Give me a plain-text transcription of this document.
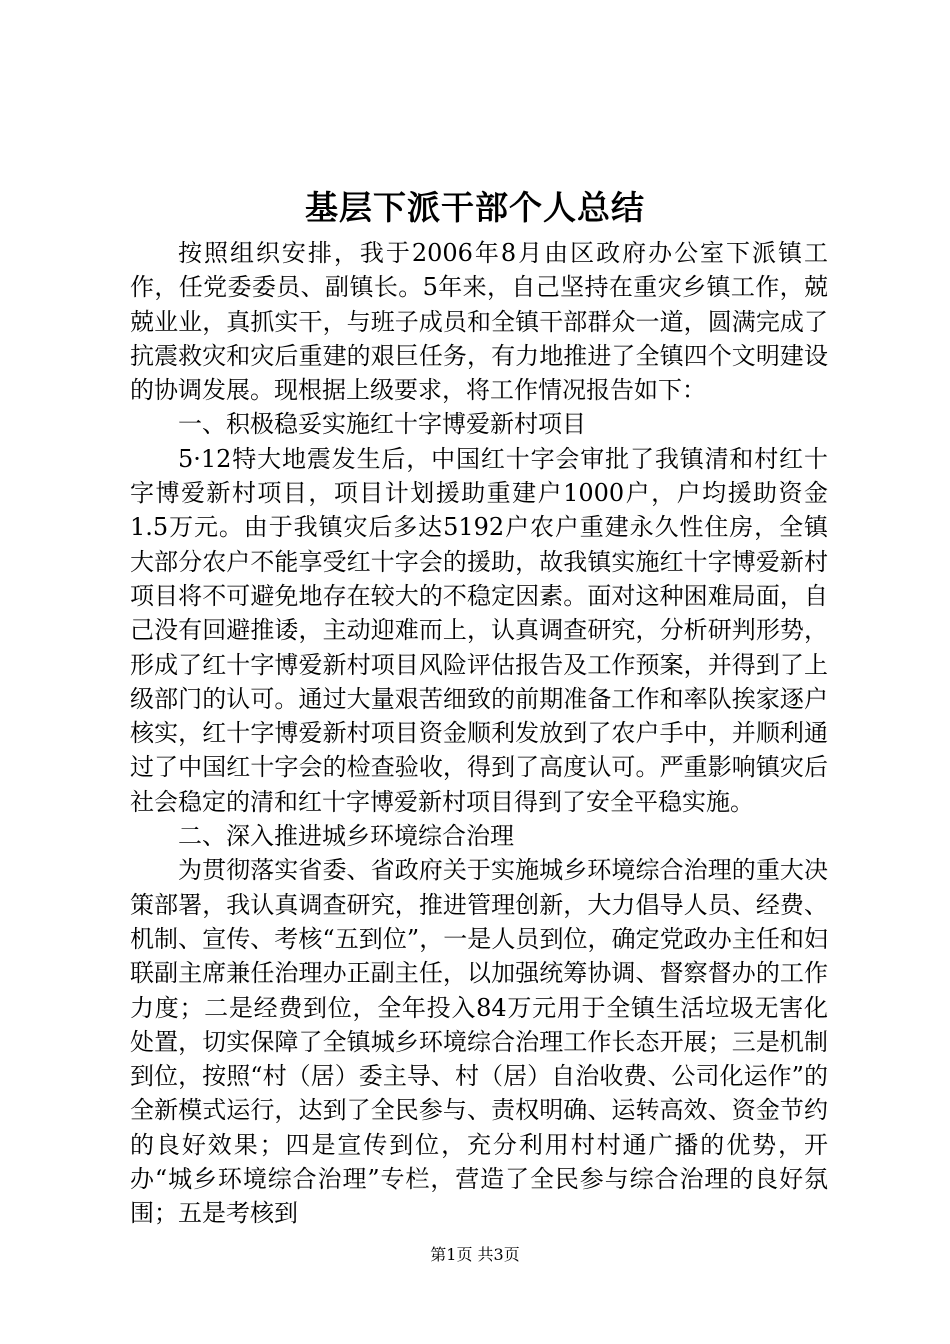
基层下派干部个人总结

按照组织安排，我于2006年8月由区政府办公室下派镇工作，任党委委员、副镇长。5年来，自己坚持在重灾乡镇工作，兢兢业业，真抓实干，与班子成员和全镇干部群众一道，圆满完成了抗震救灾和灾后重建的艰巨任务，有力地推进了全镇四个文明建设的协调发展。现根据上级要求，将工作情况报告如下：

一、积极稳妥实施红十字博爱新村项目

5·12特大地震发生后，中国红十字会审批了我镇清和村红十字博爱新村项目，项目计划援助重建户1000户，户均援助资金1.5万元。由于我镇灾后多达5192户农户重建永久性住房，全镇大部分农户不能享受红十字会的援助，故我镇实施红十字博爱新村项目将不可避免地存在较大的不稳定因素。面对这种困难局面，自己没有回避推诿，主动迎难而上，认真调查研究，分析研判形势，形成了红十字博爱新村项目风险评估报告及工作预案，并得到了上级部门的认可。通过大量艰苦细致的前期准备工作和率队挨家逐户核实，红十字博爱新村项目资金顺利发放到了农户手中，并顺利通过了中国红十字会的检查验收，得到了高度认可。严重影响镇灾后社会稳定的清和红十字博爱新村项目得到了安全平稳实施。

二、深入推进城乡环境综合治理

为贯彻落实省委、省政府关于实施城乡环境综合治理的重大决策部署，我认真调查研究，推进管理创新，大力倡导人员、经费、机制、宣传、考核“五到位”，一是人员到位，确定党政办主任和妇联副主席兼任治理办正副主任，以加强统筹协调、督察督办的工作力度；二是经费到位，全年投入84万元用于全镇生活垃圾无害化处置，切实保障了全镇城乡环境综合治理工作长态开展；三是机制到位，按照“村（居）委主导、村（居）自治收费、公司化运作”的全新模式运行，达到了全民参与、责权明确、运转高效、资金节约的良好效果；四是宣传到位，充分利用村村通广播的优势，开办“城乡环境综合治理”专栏，营造了全民参与综合治理的良好氛围；五是考核到

第1页 共3页
